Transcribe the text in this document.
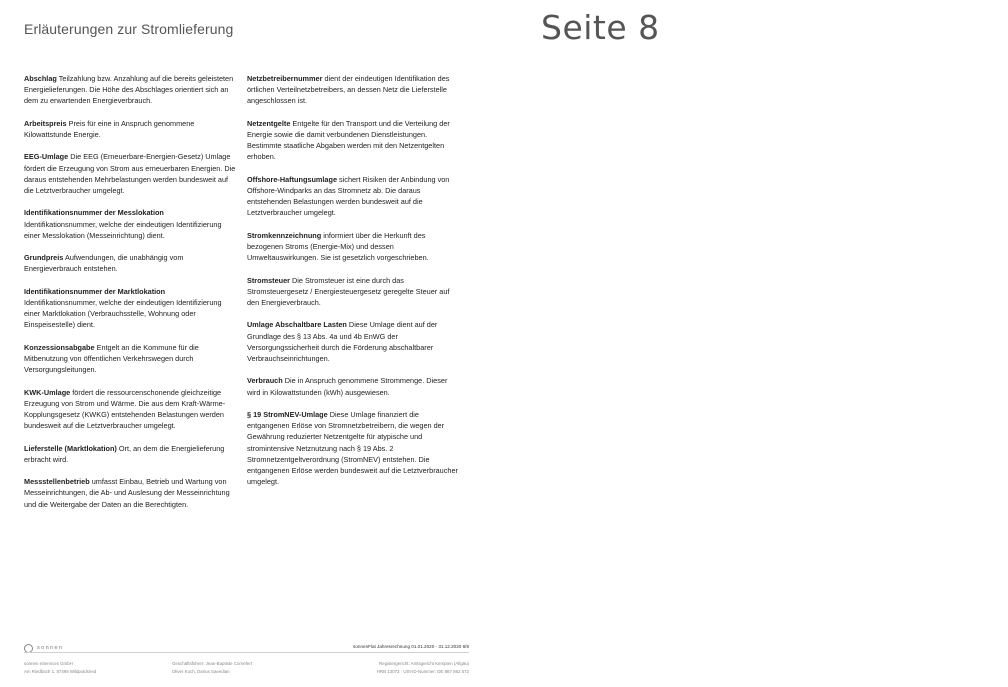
Erläuterungen zur Stromlieferung	Seite 8

Abschlag Teilzahlung bzw. Anzahlung auf die bereits geleisteten Energielieferungen. Die Höhe des Abschlages orientiert sich an dem zu erwartenden Energieverbrauch.

Arbeitspreis Preis für eine in Anspruch genommene Kilowattstunde Energie.

EEG-Umlage Die EEG (Erneuerbare-Energien-Gesetz) Umlage fördert die Erzeugung von Strom aus erneuerbaren Energien. Die daraus entstehenden Mehrbelastungen werden bundesweit auf die Letztverbraucher umgelegt.

Identifikationsnummer der Messlokation Identifikationsnummer, welche der eindeutigen Identifizierung einer Messlokation (Messeinrichtung) dient.

Grundpreis Aufwendungen, die unabhängig vom Energieverbrauch entstehen.

Identifikationsnummer der Marktlokation Identifikationsnummer, welche der eindeutigen Identifizierung einer Marktlokation (Verbrauchsstelle, Wohnung oder Einspeisestelle) dient.

Konzessionsabgabe Entgelt an die Kommune für die Mitbenutzung von öffentlichen Verkehrswegen durch Versorgungsleitungen.

KWK-Umlage fördert die ressourcenschonende gleichzeitige Erzeugung von Strom und Wärme. Die aus dem Kraft-Wärme- Kopplungsgesetz (KWKG) entstehenden Belastungen werden bundesweit auf die Letztverbraucher umgelegt.

Lieferstelle (Marktlokation) Ort, an dem die Energielieferung erbracht wird.

Messstellenbetrieb umfasst Einbau, Betrieb und Wartung von Messeinrichtungen, die Ab- und Auslesung der Messeinrichtung und die Weitergabe der Daten an die Berechtigten.

Netzbetreibernummer dient der eindeutigen Identifikation des örtlichen Verteilnetzbetreibers, an dessen Netz die Lieferstelle angeschlossen ist.

Netzentgelte Entgelte für den Transport und die Verteilung der Energie sowie die damit verbundenen Dienstleistungen. Bestimmte staatliche Abgaben werden mit den Netzentgelten erhoben.

Offshore-Haftungsumlage sichert Risiken der Anbindung von Offshore-Windparks an das Stromnetz ab. Die daraus entstehenden Belastungen werden bundesweit auf die Letztverbraucher umgelegt.

Stromkennzeichnung informiert über die Herkunft des bezogenen Stroms (Energie-Mix) und dessen Umweltauswirkungen. Sie ist gesetzlich vorgeschrieben.

Stromsteuer Die Stromsteuer ist eine durch das Stromsteuergesetz / Energiesteuergesetz geregelte Steuer auf den Energieverbrauch.

Umlage Abschaltbare Lasten Diese Umlage dient auf der Grundlage des § 13 Abs. 4a und 4b EnWG der Versorgungssicherheit durch die Förderung abschaltbarer Verbrauchseinrichtungen.

Verbrauch Die in Anspruch genommene Strommenge. Dieser wird in Kilowattstunden (kWh) ausgewiesen.

§ 19 StromNEV-Umlage Diese Umlage finanziert die entgangenen Erlöse von Stromnetzbetreibern, die wegen der Gewährung reduzierter Netzentgelte für atypische und stromintensive Netznutzung nach § 19 Abs. 2 Stromnetzentgeltverordnung (StromNEV) entstehen. Die entgangenen Erlöse werden bundesweit auf die Letztverbraucher umgelegt.

sonnen	sonnenFlat Jahresrechnung 01.01.2020 - 31.12.2020 8/8
sonnen eServices GmbH
Am Riedbach 1, 87499 Wildpoldsried
Geschäftsführer: Jean-Baptiste Cornefert
Oliver Koch, Darius Saeedian
Registergericht: Amtsgericht Kempten (Allgäu)
HRB 13073 · USt-ID-Nummer: DE 887 862 572
